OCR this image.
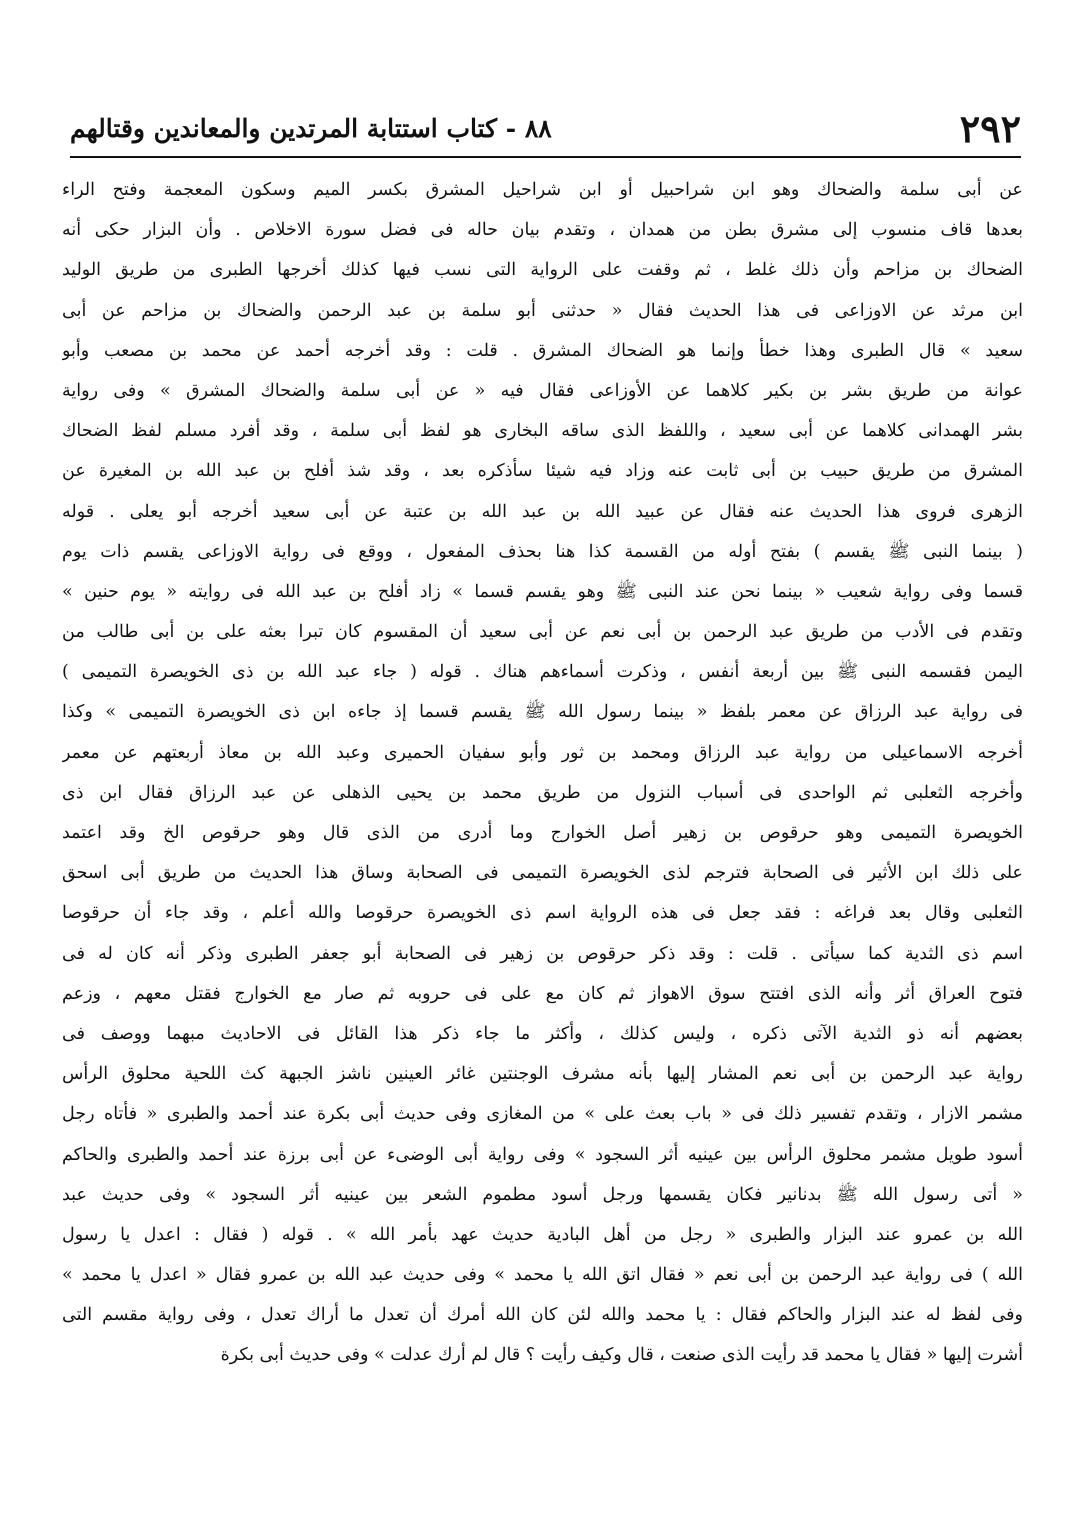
٢٩٢
٨٨ - كتاب استتابة المرتدين والمعاندين وقتالهم
عن أبى سلمة والضحاك وهو ابن شراحبيل أو ابن شراحيل المشرق بكسر الميم وسكون المعجمة وفتح الراء
بعدها قاف منسوب إلى مشرق بطن من همدان ، وتقدم بيان حاله فى فضل سورة الاخلاص . وأن البزار حكى أنه
الضحاك بن مزاحم وأن ذلك غلط ، ثم وقفت على الرواية التى نسب فيها كذلك أخرجها الطبرى من طريق الوليد
ابن مرثد عن الاوزاعى فى هذا الحديث فقال « حدثنى أبو سلمة بن عبد الرحمن والضحاك بن مزاحم عن أبى
سعيد » قال الطبرى وهذا خطأ وإنما هو الضحاك المشرق . قلت : وقد أخرجه أحمد عن محمد بن مصعب وأبو
عوانة من طريق بشر بن بكير كلاهما عن الأوزاعى فقال فيه « عن أبى سلمة والضحاك المشرق » وفى رواية
بشر الهمدانى كلاهما عن أبى سعيد ، واللفظ الذى ساقه البخارى هو لفظ أبى سلمة ، وقد أفرد مسلم لفظ الضحاك
المشرق من طريق حبيب بن أبى ثابت عنه وزاد فيه شيئا سأذكره بعد ، وقد شذ أفلح بن عبد الله بن المغيرة عن
الزهرى فروى هذا الحديث عنه فقال عن عبيد الله بن عبد الله بن عتبة عن أبى سعيد أخرجه أبو يعلى . قوله
( بينما النبى ﷺ يقسم ) بفتح أوله من القسمة كذا هنا بحذف المفعول ، ووقع فى رواية الاوزاعى يقسم ذات يوم
قسما وفى رواية شعيب « بينما نحن عند النبى ﷺ وهو يقسم قسما » زاد أفلح بن عبد الله فى روايته « يوم حنين »
وتقدم فى الأدب من طريق عبد الرحمن بن أبى نعم عن أبى سعيد أن المقسوم كان تبرا بعثه على بن أبى طالب من
اليمن فقسمه النبى ﷺ بين أربعة أنفس ، وذكرت أسماءهم هناك . قوله ( جاء عبد الله بن ذى الخويصرة التميمى )
فى رواية عبد الرزاق عن معمر بلفظ « بينما رسول الله ﷺ يقسم قسما إذ جاءه ابن ذى الخويصرة التميمى » وكذا
أخرجه الاسماعيلى من رواية عبد الرزاق ومحمد بن ثور وأبو سفيان الحميرى وعبد الله بن معاذ أربعتهم عن معمر
وأخرجه الثعلبى ثم الواحدى فى أسباب النزول من طريق محمد بن يحيى الذهلى عن عبد الرزاق فقال ابن ذى
الخويصرة التميمى وهو حرقوص بن زهير أصل الخوارج وما أدرى من الذى قال وهو حرقوص الخ وقد اعتمد
على ذلك ابن الأثير فى الصحابة فترجم لذى الخويصرة التميمى فى الصحابة وساق هذا الحديث من طريق أبى اسحق
الثعلبى وقال بعد فراغه : فقد جعل فى هذه الرواية اسم ذى الخويصرة حرقوصا والله أعلم ، وقد جاء أن حرقوصا
اسم ذى الثدية كما سيأتى . قلت : وقد ذكر حرقوص بن زهير فى الصحابة أبو جعفر الطبرى وذكر أنه كان له فى
فتوح العراق أثر وأنه الذى افتتح سوق الاهواز ثم كان مع على فى حروبه ثم صار مع الخوارج فقتل معهم ، وزعم
بعضهم أنه ذو الثدية الآتى ذكره ، وليس كذلك ، وأكثر ما جاء ذكر هذا القائل فى الاحاديث مبهما ووصف فى
رواية عبد الرحمن بن أبى نعم المشار إليها بأنه مشرف الوجنتين غائر العينين ناشز الجبهة كث اللحية محلوق الرأس
مشمر الازار ، وتقدم تفسير ذلك فى « باب بعث على » من المغازى وفى حديث أبى بكرة عند أحمد والطبرى « فأتاه رجل
أسود طويل مشمر محلوق الرأس بين عينيه أثر السجود » وفى رواية أبى الوضىء عن أبى برزة عند أحمد والطبرى والحاكم
« أتى رسول الله ﷺ بدنانير فكان يقسمها ورجل أسود مطموم الشعر بين عينيه أثر السجود » وفى حديث عبد
الله بن عمرو عند البزار والطبرى « رجل من أهل البادية حديث عهد بأمر الله » . قوله ( فقال : اعدل يا رسول
الله ) فى رواية عبد الرحمن بن أبى نعم « فقال اتق الله يا محمد » وفى حديث عبد الله بن عمرو فقال « اعدل يا محمد »
وفى لفظ له عند البزار والحاكم فقال : يا محمد والله لئن كان الله أمرك أن تعدل ما أراك تعدل ، وفى رواية مقسم التى
أشرت إليها « فقال يا محمد قد رأيت الذى صنعت ، قال وكيف رأيت ؟ قال لم أرك عدلت » وفى حديث أبى بكرة
